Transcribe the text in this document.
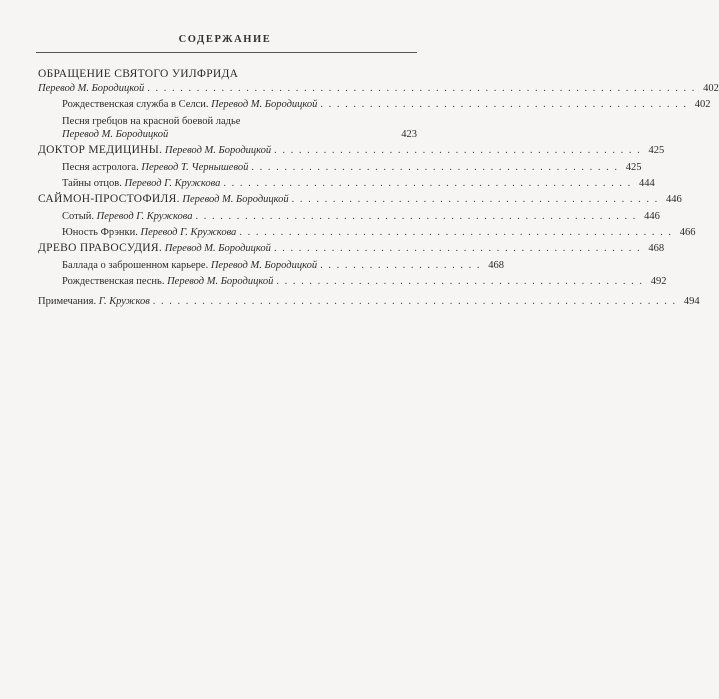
СОДЕРЖАНИЕ
ОБРАЩЕНИЕ СВЯТОГО УИЛФРИДА
Перевод М. Бородицкой . . . . . . . . . . . . . . . . . . . . . . . . . . . . . . . . . . . . . . . . . . . . . . . . . . . . . . . . . . . . . . . . . . . 402
Рождественская служба в Селси. Перевод М. Бородицкой . . . . . . . . . . . . . . . . . . . . . . . . . . . . . . . . . . . . . . . . . . . . . 402
Песня гребцов на красной боевой ладье
Перевод М. Бородицкой	423
ДОКТОР МЕДИЦИНЫ. Перевод М. Бородицкой . . . . . . . . . . . . . . . . . . . . . . . . . . . . . . . . . . . . . . . . . . . . . 425
Песня астролога. Перевод Т. Чернышевой . . . . . . . . . . . . . . . . . . . . . . . . . . . . . . . . . . . . . . . . . . . . . 425
Тайны отцов. Перевод Г. Кружкова . . . . . . . . . . . . . . . . . . . . . . . . . . . . . . . . . . . . . . . . . . . . . . . . . . 444
САЙМОН-ПРОСТОФИЛЯ. Перевод М. Бородицкой . . . . . . . . . . . . . . . . . . . . . . . . . . . . . . . . . . . . . . . . . . . . . 446
Сотый. Перевод Г. Кружкова . . . . . . . . . . . . . . . . . . . . . . . . . . . . . . . . . . . . . . . . . . . . . . . . . . . . . . 446
Юность Фрэнки. Перевод Г. Кружкова . . . . . . . . . . . . . . . . . . . . . . . . . . . . . . . . . . . . . . . . . . . . . . . . . . . . . 466
ДРЕВО ПРАВОСУДИЯ. Перевод М. Бородицкой . . . . . . . . . . . . . . . . . . . . . . . . . . . . . . . . . . . . . . . . . . . . . 468
Баллада о заброшенном карьере. Перевод М. Бородицкой . . . . . . . . . . . . . . . . . . . . 468
Рождественская песнь. Перевод М. Бородицкой . . . . . . . . . . . . . . . . . . . . . . . . . . . . . . . . . . . . . . . . . . . . . 492
Примечания. Г. Кружков . . . . . . . . . . . . . . . . . . . . . . . . . . . . . . . . . . . . . . . . . . . . . . . . . . . . . . . . . . . . . . . . 494
